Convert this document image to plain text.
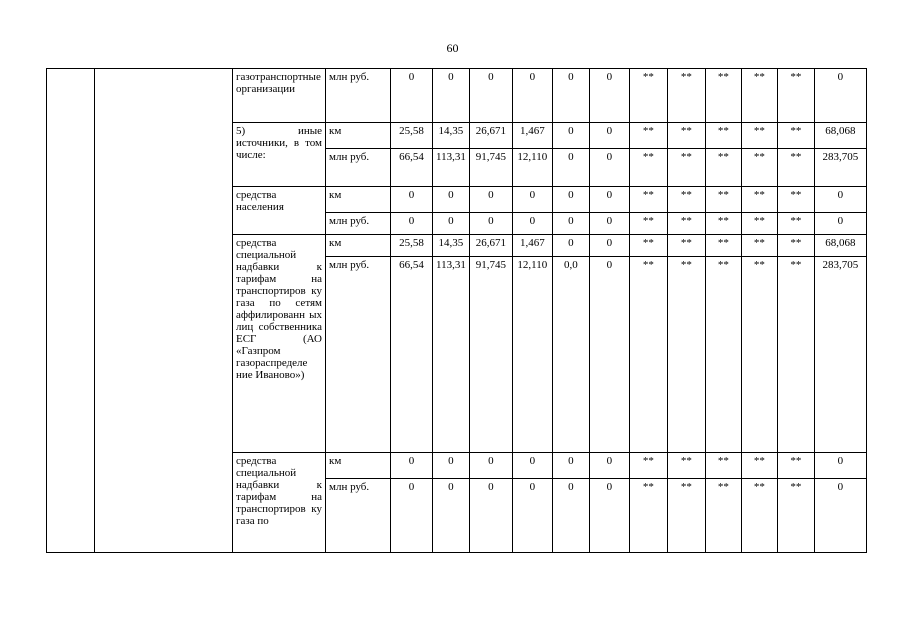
60
		газотранспортные организации	млн руб.	0	0	0	0	0	0	**	**	**	**	**	0
		5) иные источники, в том числе:	км	25,58	14,35	26,671	1,467	0	0	**	**	**	**	**	68,068
			млн руб.	66,54	113,31	91,745	12,110	0	0	**	**	**	**	**	283,705
		средства населения	км	0	0	0	0	0	0	**	**	**	**	**	0
			млн руб.	0	0	0	0	0	0	**	**	**	**	**	0
		средства специальной надбавки к тарифам на транспортиров ку газа по сетям аффилированн ых лиц собственника ЕСГ (АО «Газпром газораспределе ние Иваново»)	км	25,58	14,35	26,671	1,467	0	0	**	**	**	**	**	68,068
			млн руб.	66,54	113,31	91,745	12,110	0,0	0	**	**	**	**	**	283,705
		средства специальной надбавки к тарифам на транспортиров ку газа по	км	0	0	0	0	0	0	**	**	**	**	**	0
			млн руб.	0	0	0	0	0	0	**	**	**	**	**	0
